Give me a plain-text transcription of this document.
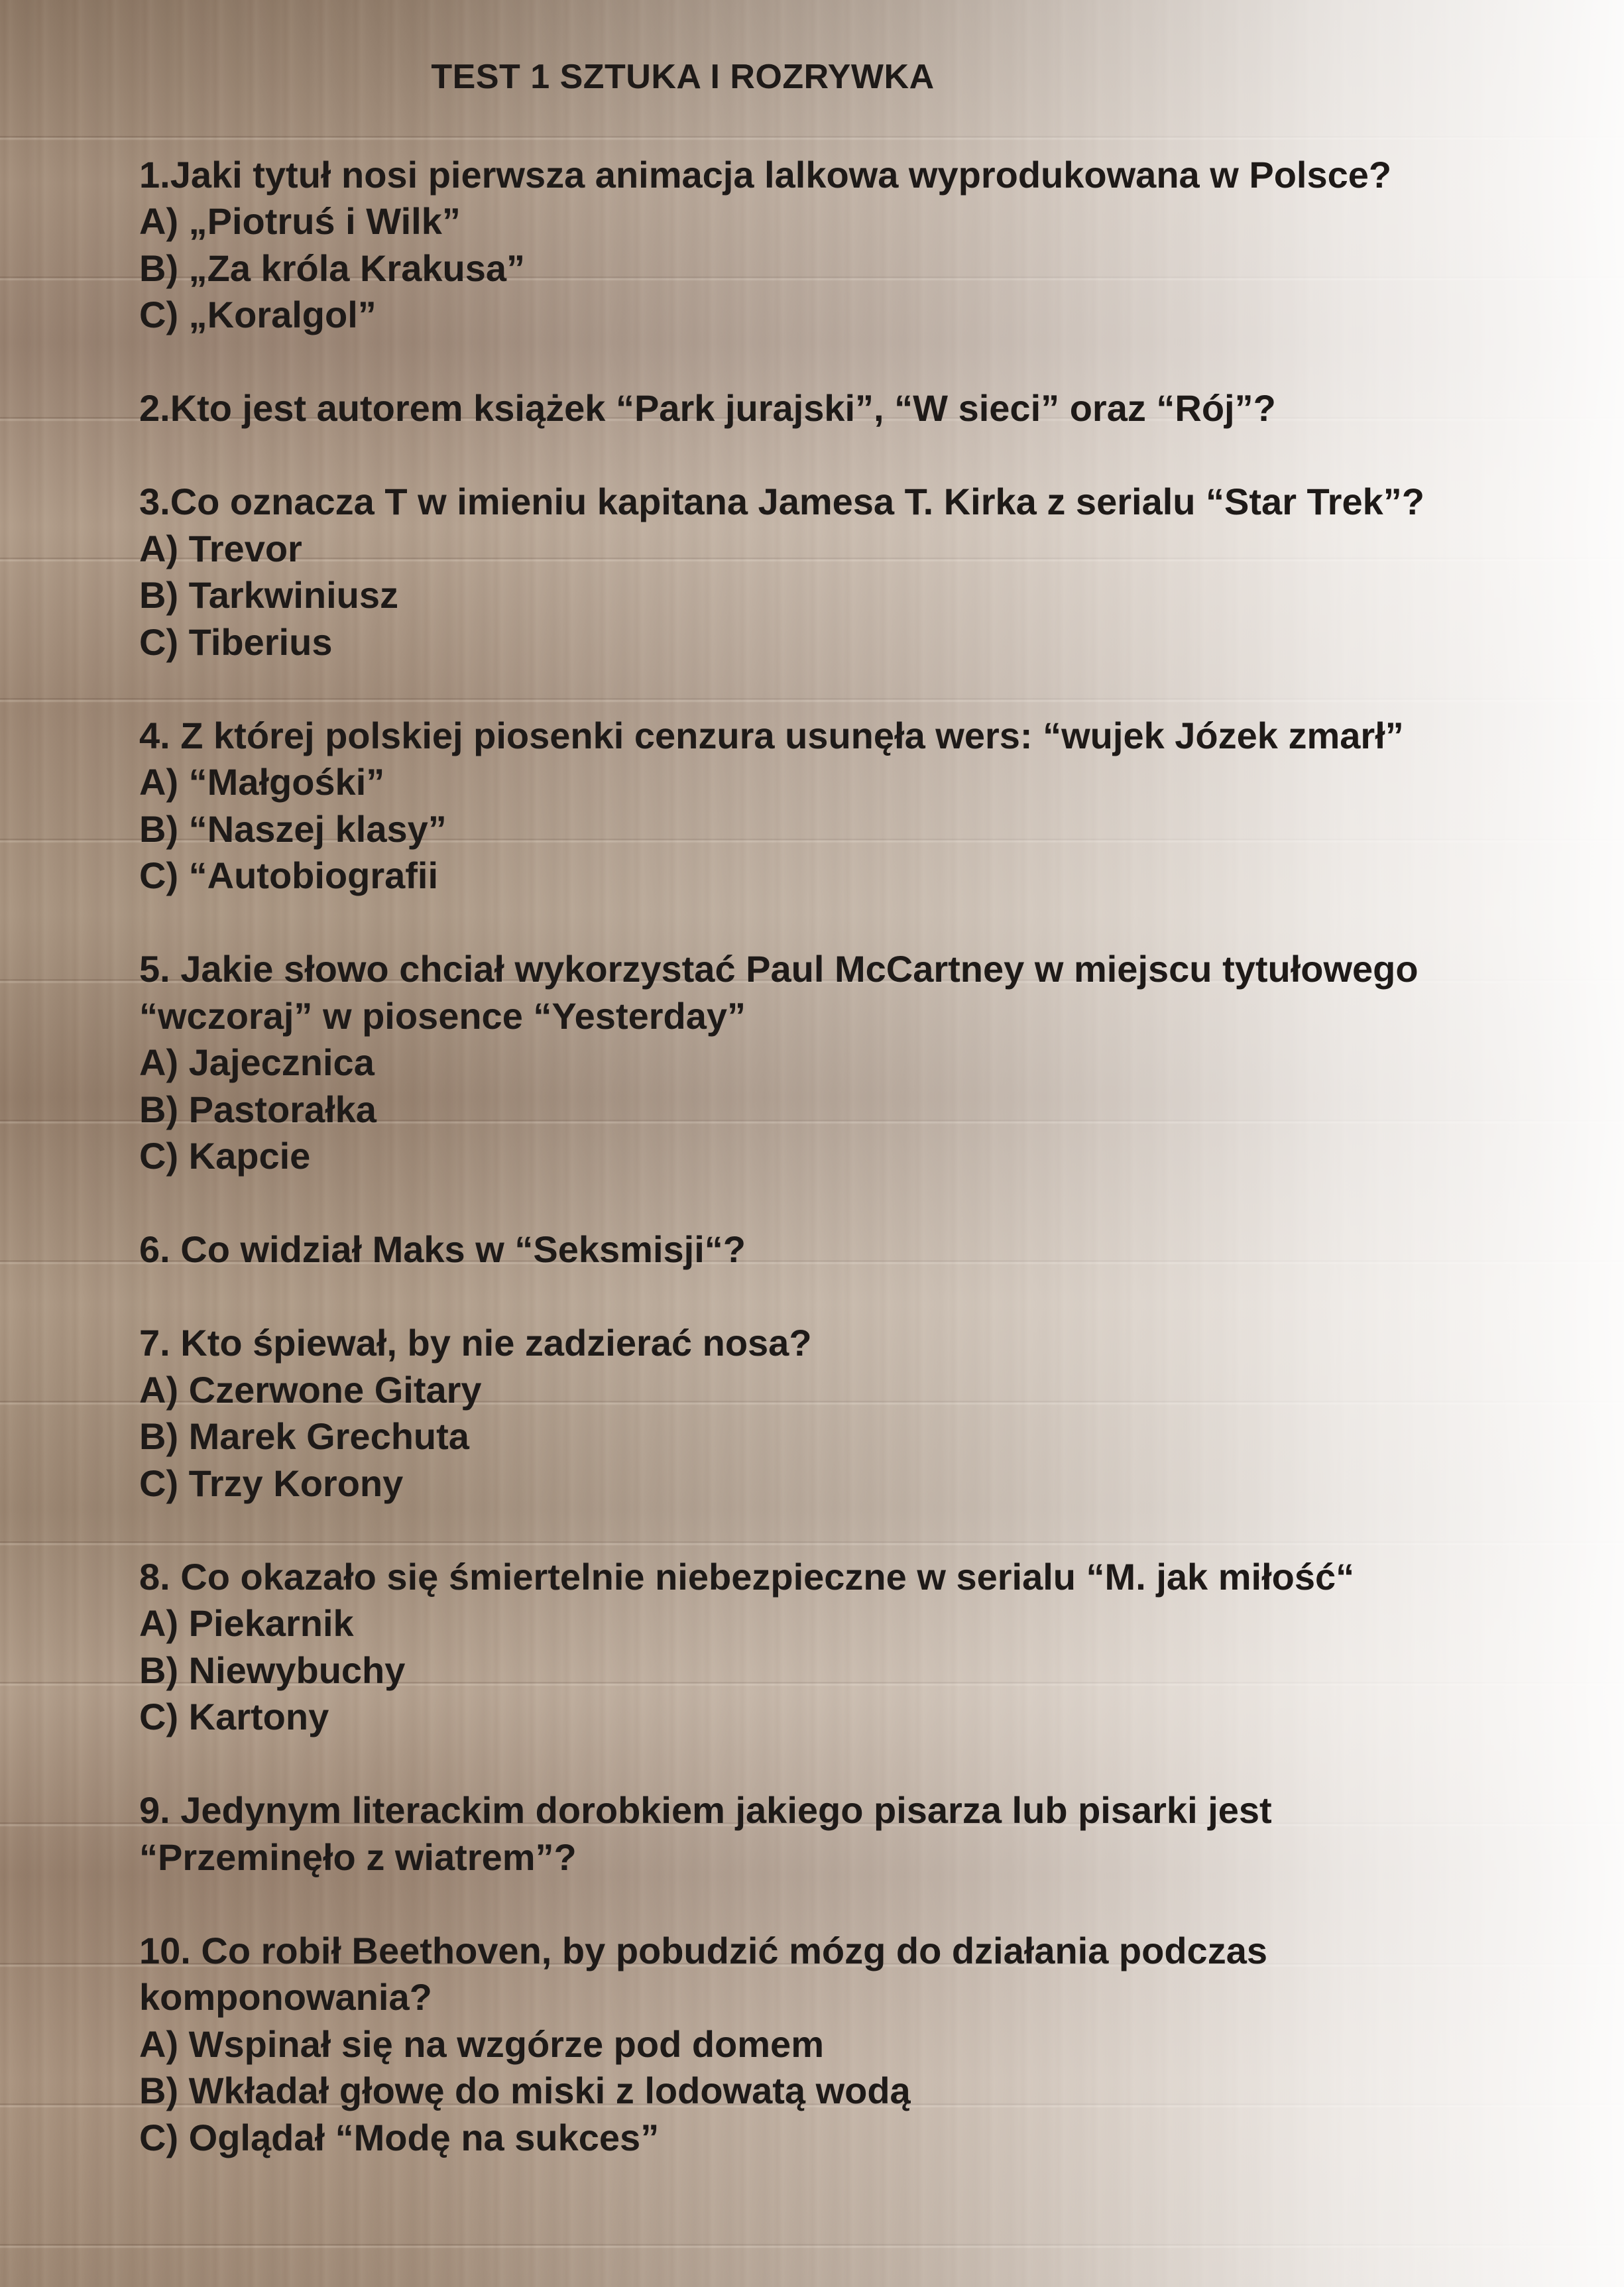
TEST 1 SZTUKA I ROZRYWKA
1.Jaki tytuł nosi pierwsza animacja lalkowa wyprodukowana w Polsce?
A) „Piotruś i Wilk”
B) „Za króla Krakusa”
C) „Koralgol”
2.Kto jest autorem książek “Park jurajski”, “W sieci” oraz “Rój”?
3.Co oznacza T w imieniu kapitana Jamesa T. Kirka z serialu “Star Trek”?
A) Trevor
B) Tarkwiniusz
C) Tiberius
4. Z której polskiej piosenki cenzura usunęła wers: “wujek Józek zmarł”
A) “Małgośki”
B) “Naszej klasy”
C) “Autobiografii
5. Jakie słowo chciał wykorzystać Paul McCartney w miejscu tytułowego
“wczoraj” w piosence “Yesterday”
A) Jajecznica
B) Pastorałka
C) Kapcie
6. Co widział Maks w “Seksmisji“?
7. Kto śpiewał, by nie zadzierać nosa?
A) Czerwone Gitary
B) Marek Grechuta
C) Trzy Korony
8. Co okazało się śmiertelnie niebezpieczne w serialu “M. jak miłość“
A) Piekarnik
B) Niewybuchy
C) Kartony
9. Jedynym literackim dorobkiem jakiego pisarza lub pisarki jest
“Przeminęło z wiatrem”?
10. Co robił Beethoven, by pobudzić mózg do działania podczas
komponowania?
A) Wspinał się na wzgórze pod domem
B) Wkładał głowę do miski z lodowatą wodą
C) Oglądał “Modę na sukces”
